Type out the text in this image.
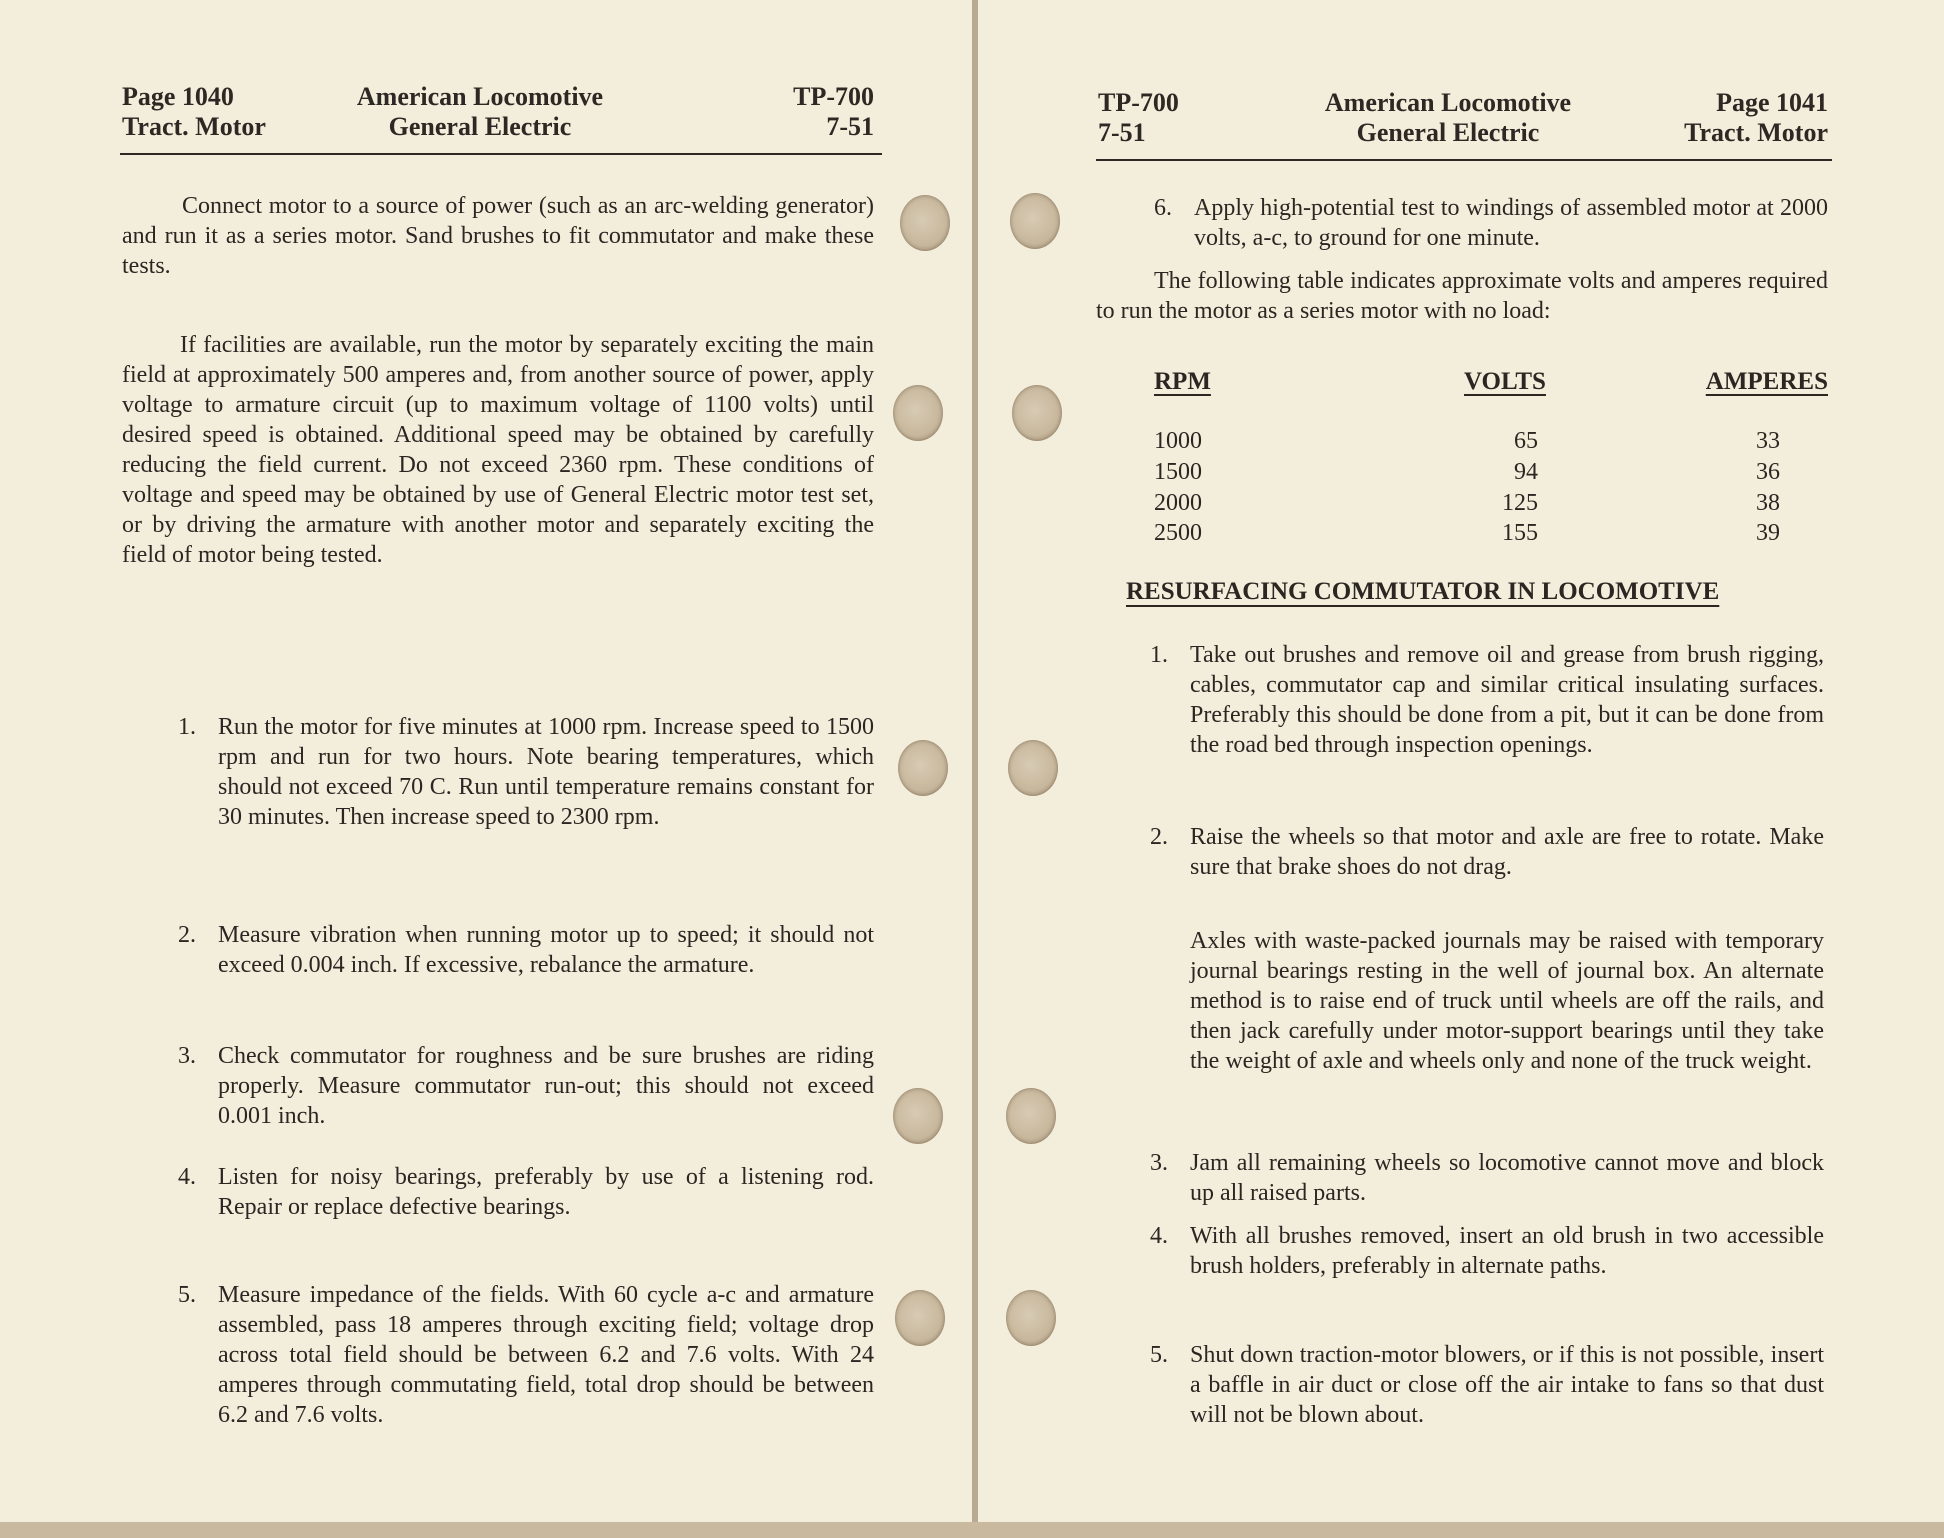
Page 1040
Tract. Motor
American Locomotive
General Electric
TP-700
7-51
Connect motor to a source of power (such as an arc-welding generator) and run it as a series motor. Sand brushes to fit commutator and make these tests.
If facilities are available, run the motor by separately exciting the main field at approximately 500 amperes and, from another source of power, apply voltage to armature circuit (up to maximum voltage of 1100 volts) until desired speed is obtained. Additional speed may be obtained by carefully reducing the field current. Do not exceed 2360 rpm. These conditions of voltage and speed may be obtained by use of General Electric motor test set, or by driving the armature with another motor and separately exciting the field of motor being tested.
1. Run the motor for five minutes at 1000 rpm. Increase speed to 1500 rpm and run for two hours. Note bearing temperatures, which should not exceed 70 C. Run until temperature remains constant for 30 minutes. Then increase speed to 2300 rpm.
2. Measure vibration when running motor up to speed; it should not exceed 0.004 inch. If excessive, rebalance the armature.
3. Check commutator for roughness and be sure brushes are riding properly. Measure commutator run-out; this should not exceed 0.001 inch.
4. Listen for noisy bearings, preferably by use of a listening rod. Repair or replace defective bearings.
5. Measure impedance of the fields. With 60 cycle a-c and armature assembled, pass 18 amperes through exciting field; voltage drop across total field should be between 6.2 and 7.6 volts. With 24 amperes through commutating field, total drop should be between 6.2 and 7.6 volts.
TP-700
7-51
American Locomotive
General Electric
Page 1041
Tract. Motor
6. Apply high-potential test to windings of assembled motor at 2000 volts, a-c, to ground for one minute.
The following table indicates approximate volts and amperes required to run the motor as a series motor with no load:
RPM	VOLTS	AMPERES
1000	65	33
1500	94	36
2000	125	38
2500	155	39
RESURFACING COMMUTATOR IN LOCOMOTIVE
1. Take out brushes and remove oil and grease from brush rigging, cables, commutator cap and similar critical insulating surfaces. Preferably this should be done from a pit, but it can be done from the road bed through inspection openings.
2. Raise the wheels so that motor and axle are free to rotate. Make sure that brake shoes do not drag.
Axles with waste-packed journals may be raised with temporary journal bearings resting in the well of journal box. An alternate method is to raise end of truck until wheels are off the rails, and then jack carefully under motor-support bearings until they take the weight of axle and wheels only and none of the truck weight.
3. Jam all remaining wheels so locomotive cannot move and block up all raised parts.
4. With all brushes removed, insert an old brush in two accessible brush holders, preferably in alternate paths.
5. Shut down traction-motor blowers, or if this is not possible, insert a baffle in air duct or close off the air intake to fans so that dust will not be blown about.
